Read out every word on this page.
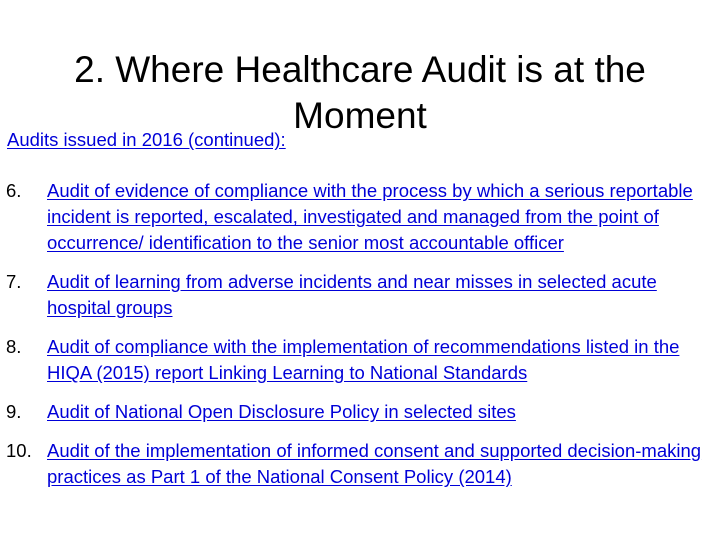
2. Where Healthcare Audit is at the Moment
Audits issued in 2016 (continued):
6. Audit of evidence of compliance with the process by which a serious reportable incident is reported, escalated, investigated and managed from the point of occurrence/ identification to the senior most accountable officer
7. Audit of learning from adverse incidents and near misses in selected acute hospital groups
8. Audit of compliance with the implementation of recommendations listed in the HIQA (2015) report Linking Learning to National Standards
9. Audit of National Open Disclosure Policy in selected sites
10. Audit of the implementation of informed consent and supported decision-making practices as Part 1 of the National Consent Policy (2014)
